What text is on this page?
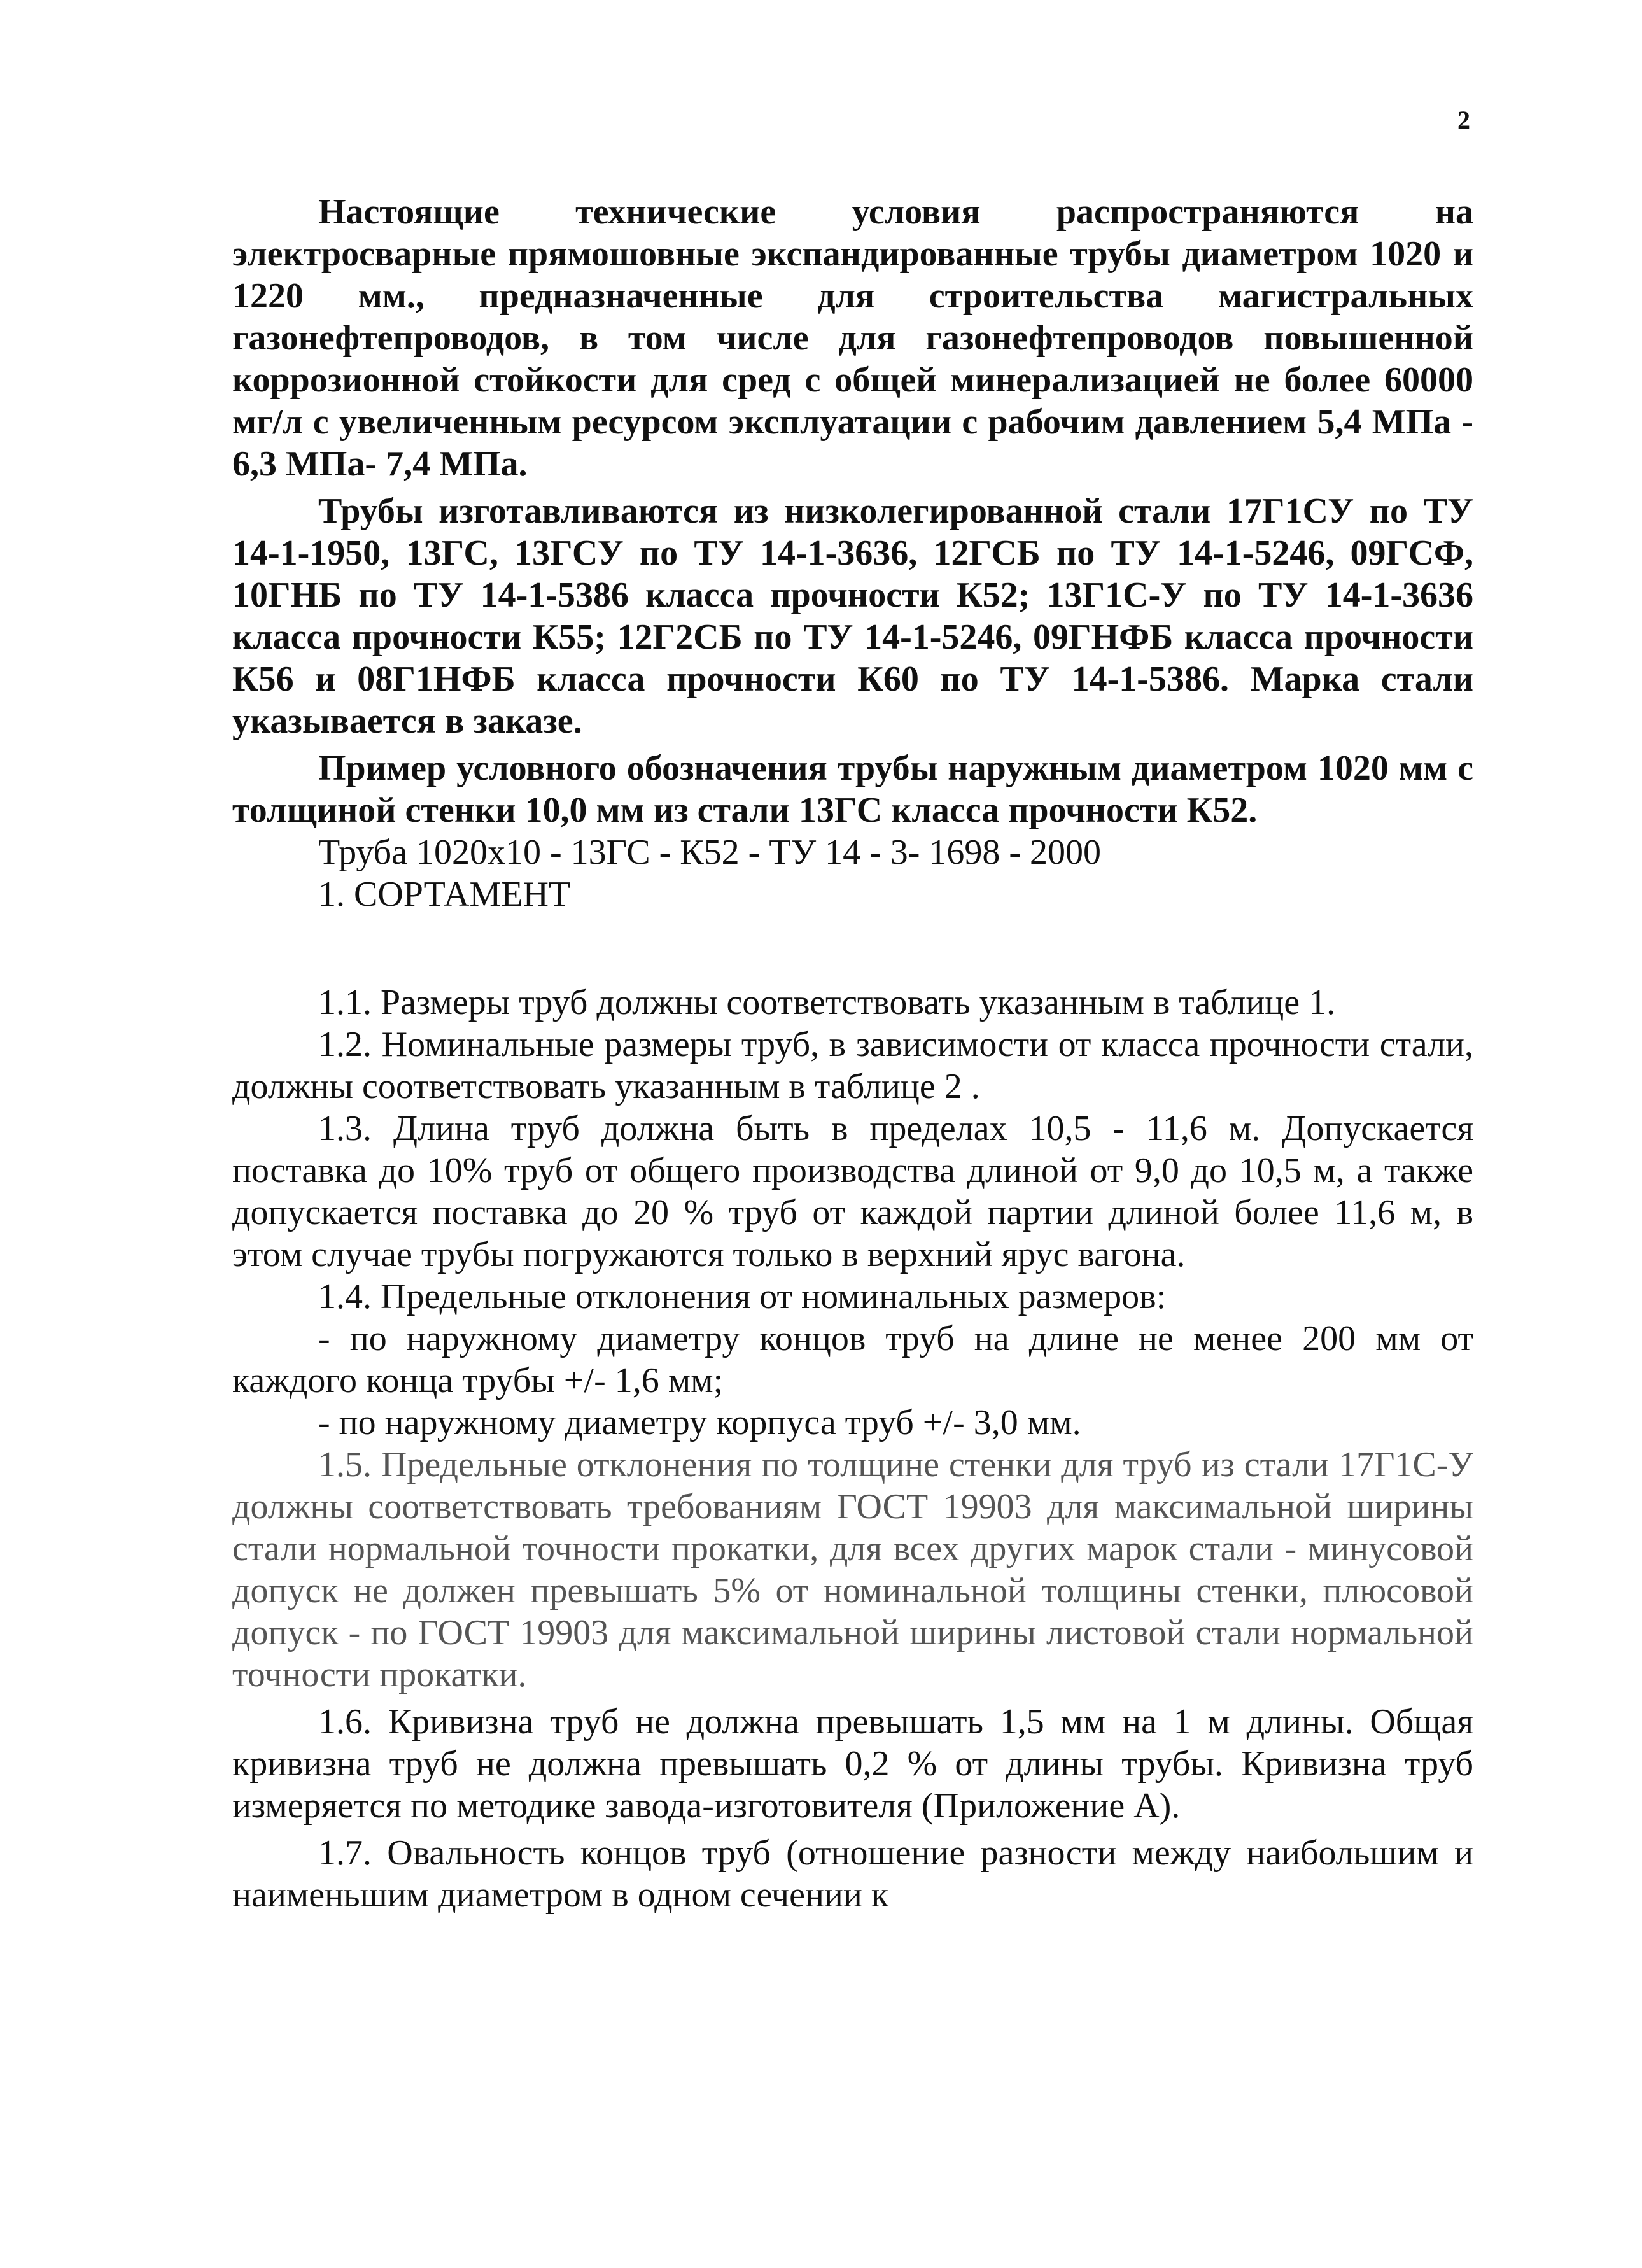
2

Настоящие технические условия распространяются на электросварные прямошовные экспандированные трубы диаметром 1020 и 1220 мм., предназначенные для строительства магистральных газонефтепроводов, в том числе для газонефтепроводов повышенной коррозионной стойкости для сред с общей минерализацией не более 60000 мг/л с увеличенным ресурсом эксплуатации с рабочим давлением 5,4 МПа - 6,3 МПа- 7,4 МПа.

Трубы изготавливаются из низколегированной стали 17Г1СУ по ТУ 14-1-1950, 13ГС, 13ГСУ по ТУ 14-1-3636, 12ГСБ по ТУ 14-1-5246, 09ГСФ, 10ГНБ по ТУ 14-1-5386 класса прочности К52; 13Г1С-У по ТУ 14-1-3636 класса прочности К55; 12Г2СБ по ТУ 14-1-5246, 09ГНФБ класса прочности К56 и 08Г1НФБ класса прочности К60 по ТУ 14-1-5386. Марка стали указывается в заказе.

Пример условного обозначения трубы наружным диаметром 1020 мм с толщиной стенки 10,0 мм из стали 13ГС класса прочности К52.

Труба 1020х10 - 13ГС - К52 - ТУ 14 - 3- 1698 - 2000

1. СОРТАМЕНТ

1.1. Размеры труб должны соответствовать указанным в таблице 1.

1.2. Номинальные размеры труб, в зависимости от класса прочности стали, должны соответствовать указанным в таблице 2 .

1.3. Длина труб должна быть в пределах 10,5 - 11,6 м. Допускается поставка до 10% труб от общего производства длиной от 9,0 до 10,5 м, а также допускается поставка до 20 % труб от каждой партии длиной более 11,6 м, в этом случае трубы погружаются только в верхний ярус вагона.

1.4. Предельные отклонения от номинальных размеров:

- по наружному диаметру концов труб на длине не менее 200 мм от каждого конца трубы +/- 1,6 мм;

- по наружному диаметру корпуса труб +/- 3,0 мм.

1.5. Предельные отклонения по толщине стенки для труб из стали 17Г1С-У должны соответствовать требованиям ГОСТ 19903 для максимальной ширины стали нормальной точности прокатки, для всех других марок стали - минусовой допуск не должен превышать 5% от номинальной толщины стенки, плюсовой допуск - по ГОСТ 19903 для максимальной ширины листовой стали нормальной точности прокатки.

1.6. Кривизна труб не должна превышать 1,5 мм на 1 м длины. Общая кривизна труб не должна превышать 0,2 % от длины трубы. Кривизна труб измеряется по методике завода-изготовителя (Приложение А).

1.7. Овальность концов труб (отношение разности между наибольшим и наименьшим диаметром в одном сечении к
